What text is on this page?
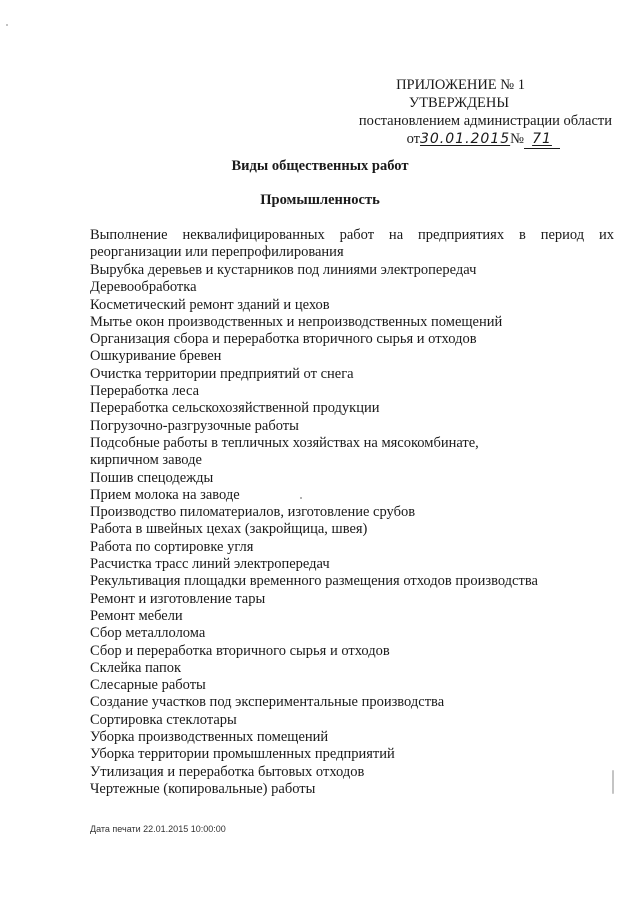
ПРИЛОЖЕНИЕ № 1
УТВЕРЖДЕНЫ
постановлением администрации области
от30.01.2015№ 71
Виды общественных работ
Промышленность

Выполнение неквалифицированных работ на предприятиях в период их реорганизации или перепрофилирования

Вырубка деревьев и кустарников под линиями электропередач
Деревообработка
Косметический ремонт зданий и цехов
Мытье окон производственных и непроизводственных помещений
Организация сбора и переработка вторичного сырья и отходов
Ошкуривание бревен
Очистка территории предприятий от снега
Переработка леса
Переработка сельскохозяйственной продукции
Погрузочно-разгрузочные работы
Подсобные работы в тепличных хозяйствах на мясокомбинате,
кирпичном заводе
Пошив спецодежды
Прием молока на заводе
Производство пиломатериалов, изготовление срубов
Работа в швейных цехах (закройщица, швея)
Работа по сортировке угля
Расчистка трасс линий электропередач
Рекультивация площадки временного размещения отходов производства
Ремонт и изготовление тары
Ремонт мебели
Сбор металлолома
Сбор и переработка вторичного сырья и отходов
Склейка папок
Слесарные работы
Создание участков под экспериментальные производства
Сортировка стеклотары
Уборка производственных помещений
Уборка территории промышленных предприятий
Утилизация и переработка бытовых отходов
Чертежные (копировальные) работы
Дата печати 22.01.2015 10:00:00
